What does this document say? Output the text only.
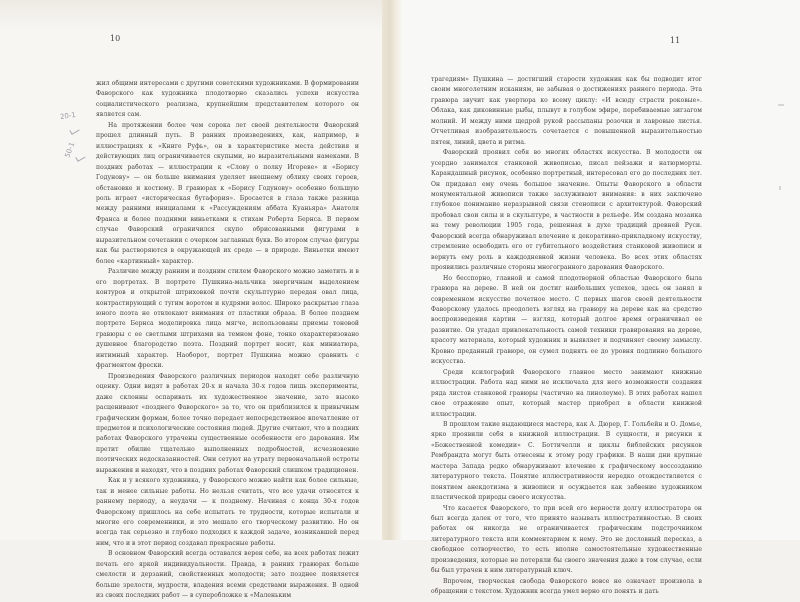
10	11
20-1
50-1

жил общими интересами с другими советскими художниками. В формировании Фаворского как художника плодотворно сказались успехи искусства социалистического реализма, крупнейшим представителем которого он является сам.

На протяжении более чем сорока лет своей деятельности Фаворский прошел длинный путь. В ранних произведениях, как, например, в иллюстрациях к «Книге Руфь», он в характеристике места действия и действующих лиц ограничивается скупыми, но выразительными намеками. В поздних работах — иллюстрации к «Слову о полку Игореве» и «Борису Годунову» — он больше внимания уделяет внешнему облику своих героев, обстановке и костюму. В гравюрах к «Борису Годунову» особенно большую роль играет «историческая бутафория». Бросается в глаза также разница между ранними инициалами к «Рассуждениям аббата Куаньяра» Анатоля Франса и более поздними виньетками к стихам Роберта Бернса. В первом случае Фаворский ограничился скупо обрисованными фигурами в выразительном сочетании с очерком заглавных букв. Во втором случае фигуры как бы растворяются в окружающей их среде — в природе. Виньетки имеют более «картинный» характер.

Различие между ранним и поздним стилем Фаворского можно заметить и в его портретах. В портрете Пушкина-мальчика энергичным выделением контуров и открытой штриховкой почти скульптурно передан овал лица, контрастирующий с тугим воротом и кудрями волос. Широко раскрытые глаза юного поэта не отвлекают внимания от пластики образа. В более позднем портрете Бернса моделировка лица мягче, использованы приемы тоновой гравюры с ее светлыми штрихами на темном фоне, тонко охарактеризовано душевное благородство поэта. Поздний портрет носит, как миниатюра, интимный характер. Наоборот, портрет Пушкина можно сравнить с фрагментом фрески.

Произведения Фаворского различных периодов находят себе различную оценку. Одни видят в работах 20-х и начала 30-х годов лишь эксперименты, даже склонны оспаривать их художественное значение, зато высоко расценивают «позднего Фаворского» за то, что он приблизился к привычным графическим формам, более точно передает непосредственное впечатление от предметов и психологические состояния людей. Другие считают, что в поздних работах Фаворского утрачены существенные особенности его дарования. Им претит обилие тщательно выполненных подробностей, исчезновение поэтических недосказанностей. Они сетуют на утрату первоначальной остроты выражения и находят, что в поздних работах Фаворский слишком традиционен.

Как и у всякого художника, у Фаворского можно найти как более сильные, так и менее сильные работы. Но нельзя считать, что все удачи относятся к раннему периоду, а неудачи — к позднему. Начиная с конца 30-х годов Фаворскому пришлось на себе испытать те трудности, которые испытали и многие его современники, и это мешало его творческому развитию. Но он всегда так серьезно и глубоко подходил к каждой задаче, возникавшей перед ним, что и в этот период создавал прекрасные работы.

В основном Фаворский всегда оставался верен себе, на всех работах лежит печать его яркой индивидуальности. Правда, в ранних гравюрах больше смелости и дерзаний, свойственных молодости; зато позднее появляется больше зрелости, мудрости, владения всеми средствами выражения. В одной из своих последних работ — в суперобложке к «Маленьким

трагедиям» Пушкина — достигший старости художник как бы подводит итог своим многолетним исканиям, не забывая о достижениях раннего периода. Эта гравюра звучит как увертюра ко всему циклу: «И всюду страсти роковые». Облака, как диковинные рыбы, плывут в голубом эфире, перебиваемые зигзагом молний. И между ними щедрой рукой рассыпаны розочки и лавровые листья. Отчетливая изобразительность сочетается с повышенной выразительностью пятен, линий, цвета и ритма.

Фаворский проявил себя во многих областях искусства. В молодости он усердно занимался станковой живописью, писал пейзажи и натюрморты. Карандашный рисунок, особенно портретный, интересовал его до последних лет. Он придавал ему очень большое значение. Опыты Фаворского в области монументальной живописи также заслуживают внимания: в них заключено глубокое понимание неразрывной связи стенописи с архитектурой. Фаворский пробовал свои силы и в скульптуре, в частности в рельефе. Им создана мозаика на тему революции 1905 года, решенная в духе традиций древней Руси. Фаворский всегда обнаруживал влечение к декоративно-прикладному искусству, стремление освободить его от губительного воздействия станковой живописи и вернуть ему роль в каждодневной жизни человека. Во всех этих областях проявились различные стороны многогранного дарования Фаворского.

Но бесспорно, главной и самой плодотворной областью Фаворского была гравюра на дереве. В ней он достиг наибольших успехов, здесь он занял в современном искусстве почетное место. С первых шагов своей деятельности Фаворскому удалось преодолеть взгляд на гравюру на дереве как на средство воспроизведения картин — взгляд, который долгое время ограничивал ее развитие. Он угадал привлекательность самой техники гравирования на дереве, красоту материала, который художник и выявляет и подчиняет своему замыслу. Кровно преданный гравюре, он сумел поднять ее до уровня подлинно большого искусства.

Среди ксилографий Фаворского главное место занимают книжные иллюстрации. Работа над ними не исключала для него возможности создания ряда листов станковой гравюры (частично на линолеуме). В этих работах нашел свое отражение опыт, который мастер приобрел в области книжной иллюстрации.

В прошлом такие выдающиеся мастера, как А. Дюрер, Г. Гольбейн и О. Домье, ярко проявили себя в книжной иллюстрации. В сущности, и рисунки к «Божественной комедии» С. Боттичелли и циклы библейских рисунков Рембрандта могут быть отнесены к этому роду графики. В наши дни крупные мастера Запада редко обнаруживают влечение к графическому воссозданию литературного текста. Понятие иллюстративности нередко отождествляется с понятием анекдотизма в живописи и осуждается как забвение художником пластической природы своего искусства.

Что касается Фаворского, то при всей его верности долгу иллюстратора он был всегда далек от того, что принято называть иллюстративностью. В своих работах он никогда не ограничивается графическим подстрочником литературного текста или комментарием к нему. Это не дословный пересказ, а свободное сотворчество, то есть вполне самостоятельные художественные произведения, которые не потеряли бы своего значения даже в том случае, если бы был утрачен к ним литературный ключ.

Впрочем, творческая свобода Фаворского вовсе не означает произвола в обращении с текстом. Художник всегда умел верно его понять и дать
